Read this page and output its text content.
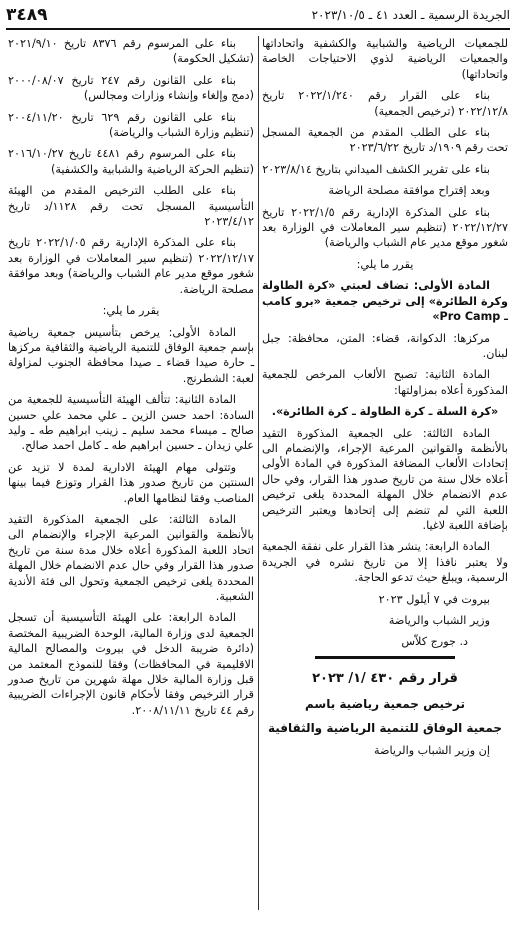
الجريدة الرسمية ـ العدد ٤١ ـ ٢٠٢٣/١٠/٥
٣٤٨٩

للجمعيات الرياضية والشبابية والكشفية واتحاداتها والجمعيات الرياضية لذوي الاحتياجات الخاصة واتحاداتها)

بناء على القرار رقم ٢٠٢٢/١/٢٤٠ تاريخ ٢٠٢٢/١٢/٨ (ترخيص الجمعية)

بناء على الطلب المقدم من الجمعية المسجل تحت رقم ١٩٠٩/د تاريخ ٢٠٢٣/٦/٢٢

بناء على تقرير الكشف الميداني بتاريخ ٢٠٢٣/٨/١٤

وبعد إقتراح موافقة مصلحة الرياضة

بناء على المذكرة الإدارية رقم ٢٠٢٢/١/٥ تاريخ ٢٠٢٢/١٢/٢٧ (تنظيم سير المعاملات في الوزارة بعد شغور موقع مدير عام الشباب والرياضة)

يقرر ما يلي:

المادة الأولى: تضاف لعبتي «كرة الطاولة وكرة الطائرة» إلى ترخيص جمعية «برو كامب ـ Pro Camp»

مركزها: الدكوانة، قضاء: المتن، محافظة: جبل لبنان.

المادة الثانية: تصبح الألعاب المرخص للجمعية المذكورة أعلاه بمزاولتها:

«كرة السلة ـ كرة الطاولة ـ كرة الطائرة».

المادة الثالثة: على الجمعية المذكورة التقيد بالأنظمة والقوانين المرعية الإجراء، والإنضمام الى إتحادات الألعاب المضافة المذكورة في المادة الأولى أعلاه خلال سنة من تاريخ صدور هذا القرار، وفي حال عدم الانضمام خلال المهلة المحددة يلغى ترخيص اللعبة التي لم تنضم إلى إتحادها ويعتبر الترخيص بإضافة اللعبة لاغيا.

المادة الرابعة: ينشر هذا القرار على نفقة الجمعية ولا يعتبر نافذا إلا من تاريخ نشره في الجريدة الرسمية، ويبلغ حيث تدعو الحاجة.

بيروت في ٧ أيلول ٢٠٢٣

وزير الشباب والرياضة

د. جورج كلاّس

قرار رقم ٤٣٠ /١/ ٢٠٢٣

ترخيص جمعية رياضية باسم

جمعية الوفاق للتنمية الرياضية والثقافية

إن وزير الشباب والرياضة

بناء على المرسوم رقم ٨٣٧٦ تاريخ ٢٠٢١/٩/١٠ (تشكيل الحكومة)

بناء على القانون رقم ٢٤٧ تاريخ ٢٠٠٠/٠٨/٠٧ (دمج وإلغاء وإنشاء وزارات ومجالس)

بناء على القانون رقم ٦٢٩ تاريخ ٢٠٠٤/١١/٢٠ (تنظيم وزارة الشباب والرياضة)

بناء على المرسوم رقم ٤٤٨١ تاريخ ٢٠١٦/١٠/٢٧ (تنظيم الحركة الرياضية والشبابية والكشفية)

بناء على الطلب الترخيص المقدم من الهيئة التأسيسية المسجل تحت رقم ١١٢٨/د تاريخ ٢٠٢٣/٤/١٢

بناء على المذكرة الإدارية رقم ٢٠٢٢/١/٠٥ تاريخ ٢٠٢٢/١٢/١٧ (تنظيم سير المعاملات في الوزارة بعد شغور موقع مدير عام الشباب والرياضة) وبعد موافقة مصلحة الرياضة.

يقرر ما يلي:

المادة الأولى: يرخص بتأسيس جمعية رياضية بإسم جمعية الوفاق للتنمية الرياضية والثقافية مركزها ـ حارة صيدا قضاء ـ صيدا محافظة الجنوب لمزاولة لعبة: الشطرنج.

المادة الثانية: تتألف الهيئة التأسيسية للجمعية من السادة: احمد حسن الزين ـ علي محمد علي حسين صالح ـ ميساء محمد سليم ـ زينب ابراهيم طه ـ وليد علي زيدان ـ حسين ابراهيم طه ـ كامل احمد صالح.

وتتولى مهام الهيئة الادارية لمدة لا تزيد عن السنتين من تاريخ صدور هذا القرار وتوزع فيما بينها المناصب وفقا لنظامها العام.

المادة الثالثة: على الجمعية المذكورة التقيد بالأنظمة والقوانين المرعية الإجراء والإنضمام الى اتحاد اللعبة المذكورة أعلاه خلال مدة سنة من تاريخ صدور هذا القرار وفي حال عدم الانضمام خلال المهلة المحددة يلغى ترخيص الجمعية وتحول الى فئة الأندية الشعبية.

المادة الرابعة: على الهيئة التأسيسية أن تسجل الجمعية لدى وزارة المالية، الوحدة الضريبية المختصة (دائرة ضريبة الدخل في بيروت والمصالح المالية الاقليمية في المحافظات) وفقا للنموذج المعتمد من قبل وزارة المالية خلال مهلة شهرين من تاريخ صدور قرار الترخيص وفقا لأحكام قانون الإجراءات الضريبية رقم ٤٤ تاريخ ٢٠٠٨/١١/١١.
